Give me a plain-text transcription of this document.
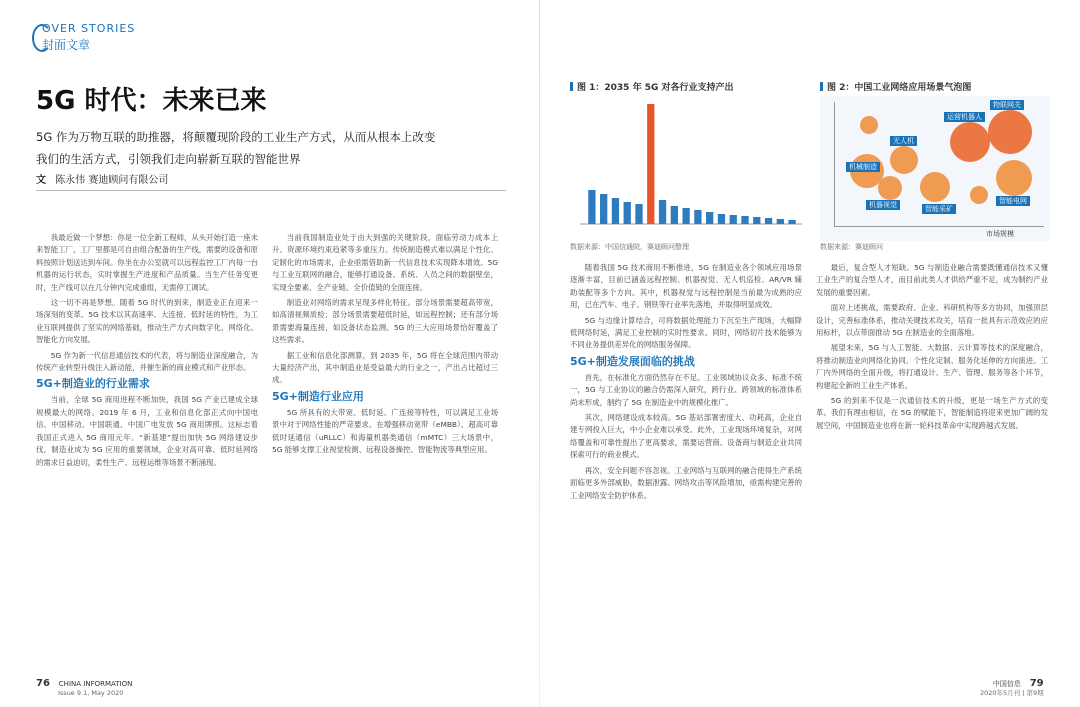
OVER STORIES
封面文章
5G 时代：未来已来
5G 作为万物互联的助推器，将颠覆现阶段的工业生产方式，从而从根本上改变我们的生活方式，引领我们走向崭新互联的智能世界
文 陈永伟 赛迪顾问有限公司

我最近做一个梦想：你是一位全新工程师，从头开始打造一座未来智能工厂，工厂里都是可自由组合配备的生产线，需要的设备和原料按照计划送达到车间。你坐在办公室就可以远程监控工厂内每一台机器的运行状态，实时掌握生产进度和产品质量。当生产任务变更时，生产线可以在几分钟内完成重组，无需停工调试。

这一切不再是梦想。随着 5G 时代的到来，制造业正在迎来一场深刻的变革。5G 技术以其高速率、大连接、低时延的特性，为工业互联网提供了坚实的网络基础，推动生产方式向数字化、网络化、智能化方向发展。

5G 作为新一代信息通信技术的代表，将与制造业深度融合，为传统产业转型升级注入新动能，并催生新的商业模式和产业形态。

5G+制造业的行业需求

当前，全球 5G 商用进程不断加快，我国 5G 产业已建成全球规模最大的网络。2019 年 6 月，工业和信息化部正式向中国电信、中国移动、中国联通、中国广电发放 5G 商用牌照。这标志着我国正式进入 5G 商用元年。“新基建”提出加快 5G 网络建设步伐，制造业成为 5G 应用的重要领域，企业对高可靠、低时延网络的需求日益迫切，柔性生产、远程运维等场景不断涌现。

当前我国制造业处于由大到强的关键阶段，面临劳动力成本上升、资源环境约束趋紧等多重压力。传统制造模式难以满足个性化、定制化的市场需求，企业亟需借助新一代信息技术实现降本增效。5G 与工业互联网的融合，能够打通设备、系统、人员之间的数据壁垒，实现全要素、全产业链、全价值链的全面连接。

制造业对网络的需求呈现多样化特征。部分场景需要超高带宽，如高清视频质检；部分场景需要超低时延，如远程控制；还有部分场景需要海量连接，如设备状态监测。5G 的三大应用场景恰好覆盖了这些需求。

据工业和信息化部测算，到 2035 年，5G 将在全球范围内带动大量经济产出，其中制造业是受益最大的行业之一，产出占比超过三成。

5G+制造行业应用

5G 所具有的大带宽、低时延、广连接等特性，可以满足工业场景中对于网络性能的严苛要求。在增强移动宽带（eMBB）、超高可靠低时延通信（uRLLC）和海量机器类通信（mMTC）三大场景中，5G 能够支撑工业视觉检测、远程设备操控、智能物流等典型应用。

76 CHINA INFORMATION
Issue 9.1, May 2020
图 1：2035 年 5G 对各行业支持产出
数据来源：中国信通院，赛迪顾问整理
图 2：中国工业网络应用场景气泡图
机械制造
无人机
机器视觉	智能采矿
运营机器人
物联网关
智能电网
市场规模
数据来源：赛迪顾问

随着我国 5G 技术商用不断推进，5G 在制造业各个领域应用场景逐渐丰富，目前已涵盖远程控制、机器视觉、无人机巡检、AR/VR 辅助装配等多个方向。其中，机器视觉与远程控制是当前最为成熟的应用，已在汽车、电子、钢铁等行业率先落地，并取得明显成效。

5G 与边缘计算结合，可将数据处理能力下沉至生产现场，大幅降低网络时延，满足工业控制的实时性要求。同时，网络切片技术能够为不同业务提供差异化的网络服务保障。

5G+制造发展面临的挑战

首先，在标准化方面仍然存在不足。工业领域协议众多、标准不统一，5G 与工业协议的融合仍需深入研究，跨行业、跨领域的标准体系尚未形成，制约了 5G 在制造业中的规模化推广。

其次，网络建设成本较高。5G 基站部署密度大、功耗高，企业自建专网投入巨大，中小企业难以承受。此外，工业现场环境复杂，对网络覆盖和可靠性提出了更高要求，需要运营商、设备商与制造企业共同探索可行的商业模式。

再次，安全问题不容忽视。工业网络与互联网的融合使得生产系统面临更多外部威胁，数据泄露、网络攻击等风险增加，亟需构建完善的工业网络安全防护体系。

最后，复合型人才短缺。5G 与制造业融合需要既懂通信技术又懂工业生产的复合型人才，而目前此类人才供给严重不足，成为制约产业发展的重要因素。

面对上述挑战，需要政府、企业、科研机构等多方协同，加强顶层设计，完善标准体系，推动关键技术攻关，培育一批具有示范效应的应用标杆，以点带面推动 5G 在制造业的全面落地。

展望未来，5G 与人工智能、大数据、云计算等技术的深度融合，将推动制造业向网络化协同、个性化定制、服务化延伸的方向演进。工厂内外网络的全面升级，将打通设计、生产、管理、服务等各个环节，构建起全新的工业生产体系。

5G 的到来不仅是一次通信技术的升级，更是一场生产方式的变革。我们有理由相信，在 5G 的赋能下，智能制造将迎来更加广阔的发展空间，中国制造业也将在新一轮科技革命中实现跨越式发展。

中国信息 79
2020年5月刊 | 第9期
